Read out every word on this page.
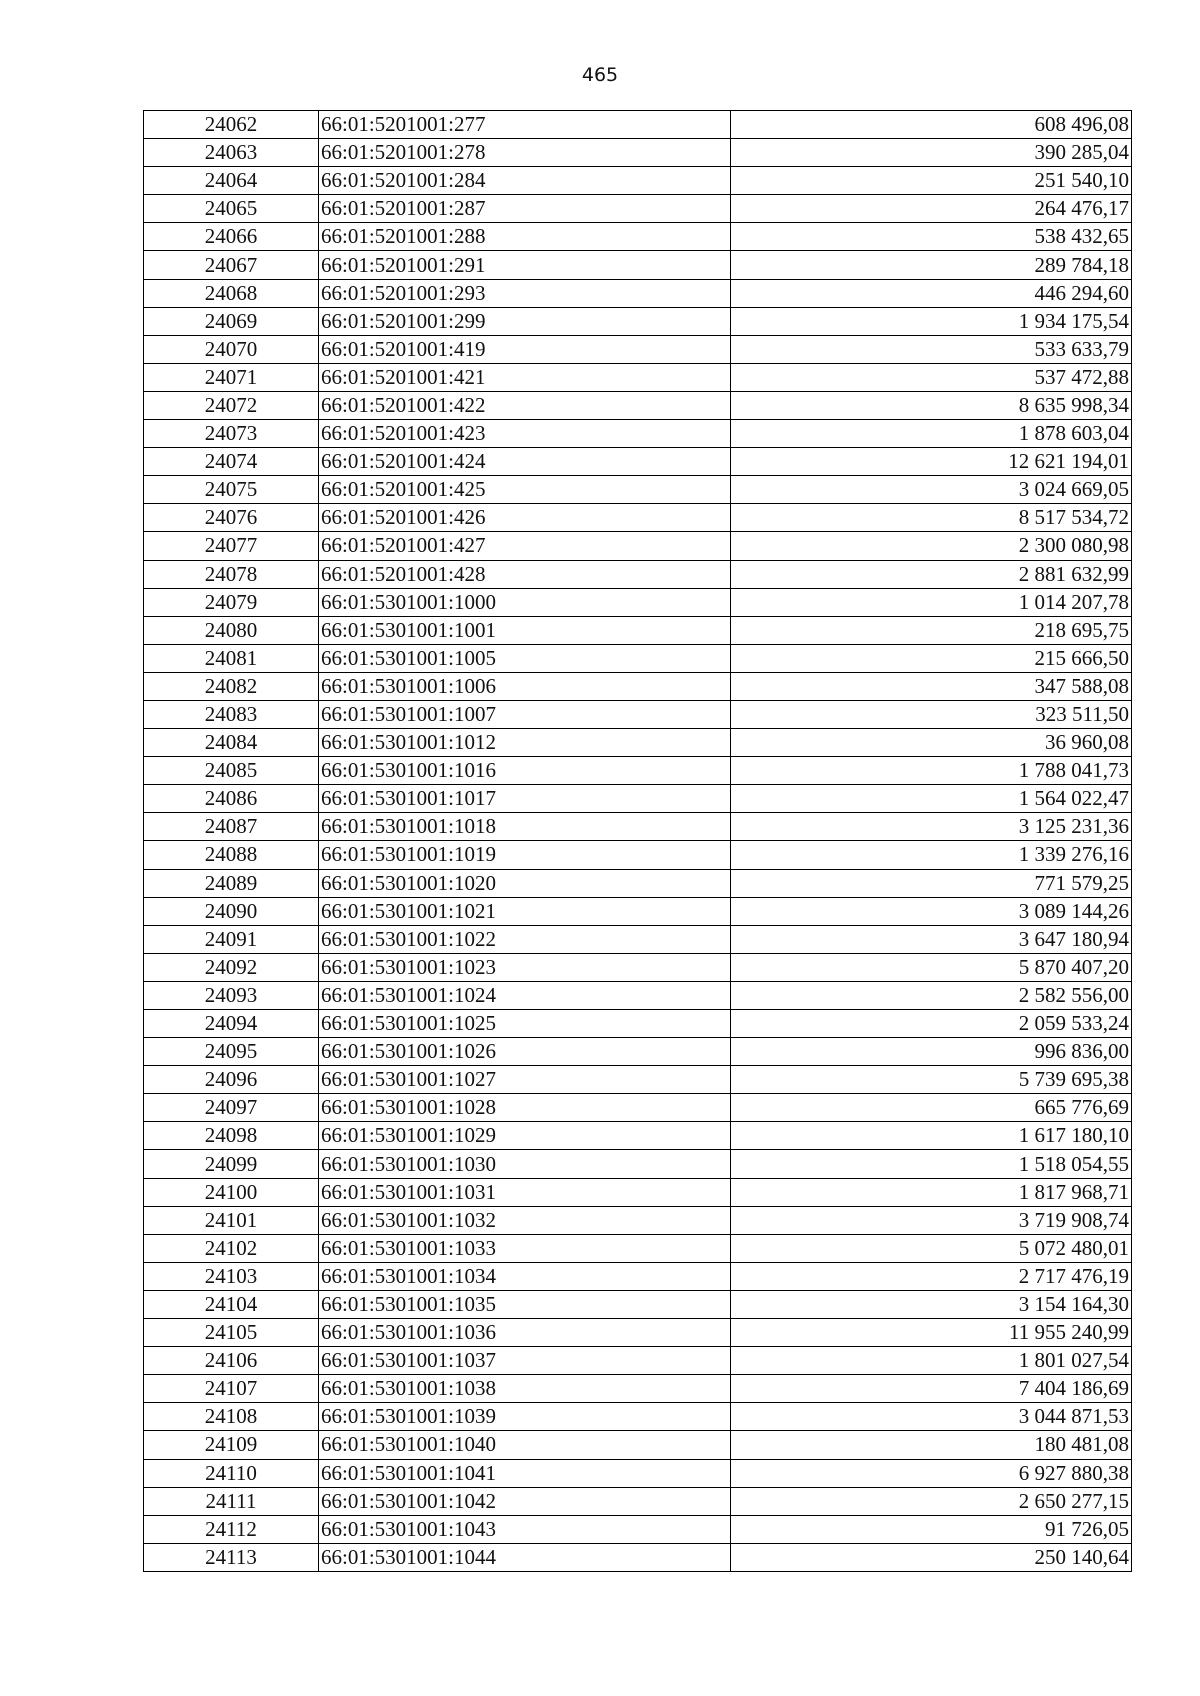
465
24062	66:01:5201001:277	608 496,08
24063	66:01:5201001:278	390 285,04
24064	66:01:5201001:284	251 540,10
24065	66:01:5201001:287	264 476,17
24066	66:01:5201001:288	538 432,65
24067	66:01:5201001:291	289 784,18
24068	66:01:5201001:293	446 294,60
24069	66:01:5201001:299	1 934 175,54
24070	66:01:5201001:419	533 633,79
24071	66:01:5201001:421	537 472,88
24072	66:01:5201001:422	8 635 998,34
24073	66:01:5201001:423	1 878 603,04
24074	66:01:5201001:424	12 621 194,01
24075	66:01:5201001:425	3 024 669,05
24076	66:01:5201001:426	8 517 534,72
24077	66:01:5201001:427	2 300 080,98
24078	66:01:5201001:428	2 881 632,99
24079	66:01:5301001:1000	1 014 207,78
24080	66:01:5301001:1001	218 695,75
24081	66:01:5301001:1005	215 666,50
24082	66:01:5301001:1006	347 588,08
24083	66:01:5301001:1007	323 511,50
24084	66:01:5301001:1012	36 960,08
24085	66:01:5301001:1016	1 788 041,73
24086	66:01:5301001:1017	1 564 022,47
24087	66:01:5301001:1018	3 125 231,36
24088	66:01:5301001:1019	1 339 276,16
24089	66:01:5301001:1020	771 579,25
24090	66:01:5301001:1021	3 089 144,26
24091	66:01:5301001:1022	3 647 180,94
24092	66:01:5301001:1023	5 870 407,20
24093	66:01:5301001:1024	2 582 556,00
24094	66:01:5301001:1025	2 059 533,24
24095	66:01:5301001:1026	996 836,00
24096	66:01:5301001:1027	5 739 695,38
24097	66:01:5301001:1028	665 776,69
24098	66:01:5301001:1029	1 617 180,10
24099	66:01:5301001:1030	1 518 054,55
24100	66:01:5301001:1031	1 817 968,71
24101	66:01:5301001:1032	3 719 908,74
24102	66:01:5301001:1033	5 072 480,01
24103	66:01:5301001:1034	2 717 476,19
24104	66:01:5301001:1035	3 154 164,30
24105	66:01:5301001:1036	11 955 240,99
24106	66:01:5301001:1037	1 801 027,54
24107	66:01:5301001:1038	7 404 186,69
24108	66:01:5301001:1039	3 044 871,53
24109	66:01:5301001:1040	180 481,08
24110	66:01:5301001:1041	6 927 880,38
24111	66:01:5301001:1042	2 650 277,15
24112	66:01:5301001:1043	91 726,05
24113	66:01:5301001:1044	250 140,64
